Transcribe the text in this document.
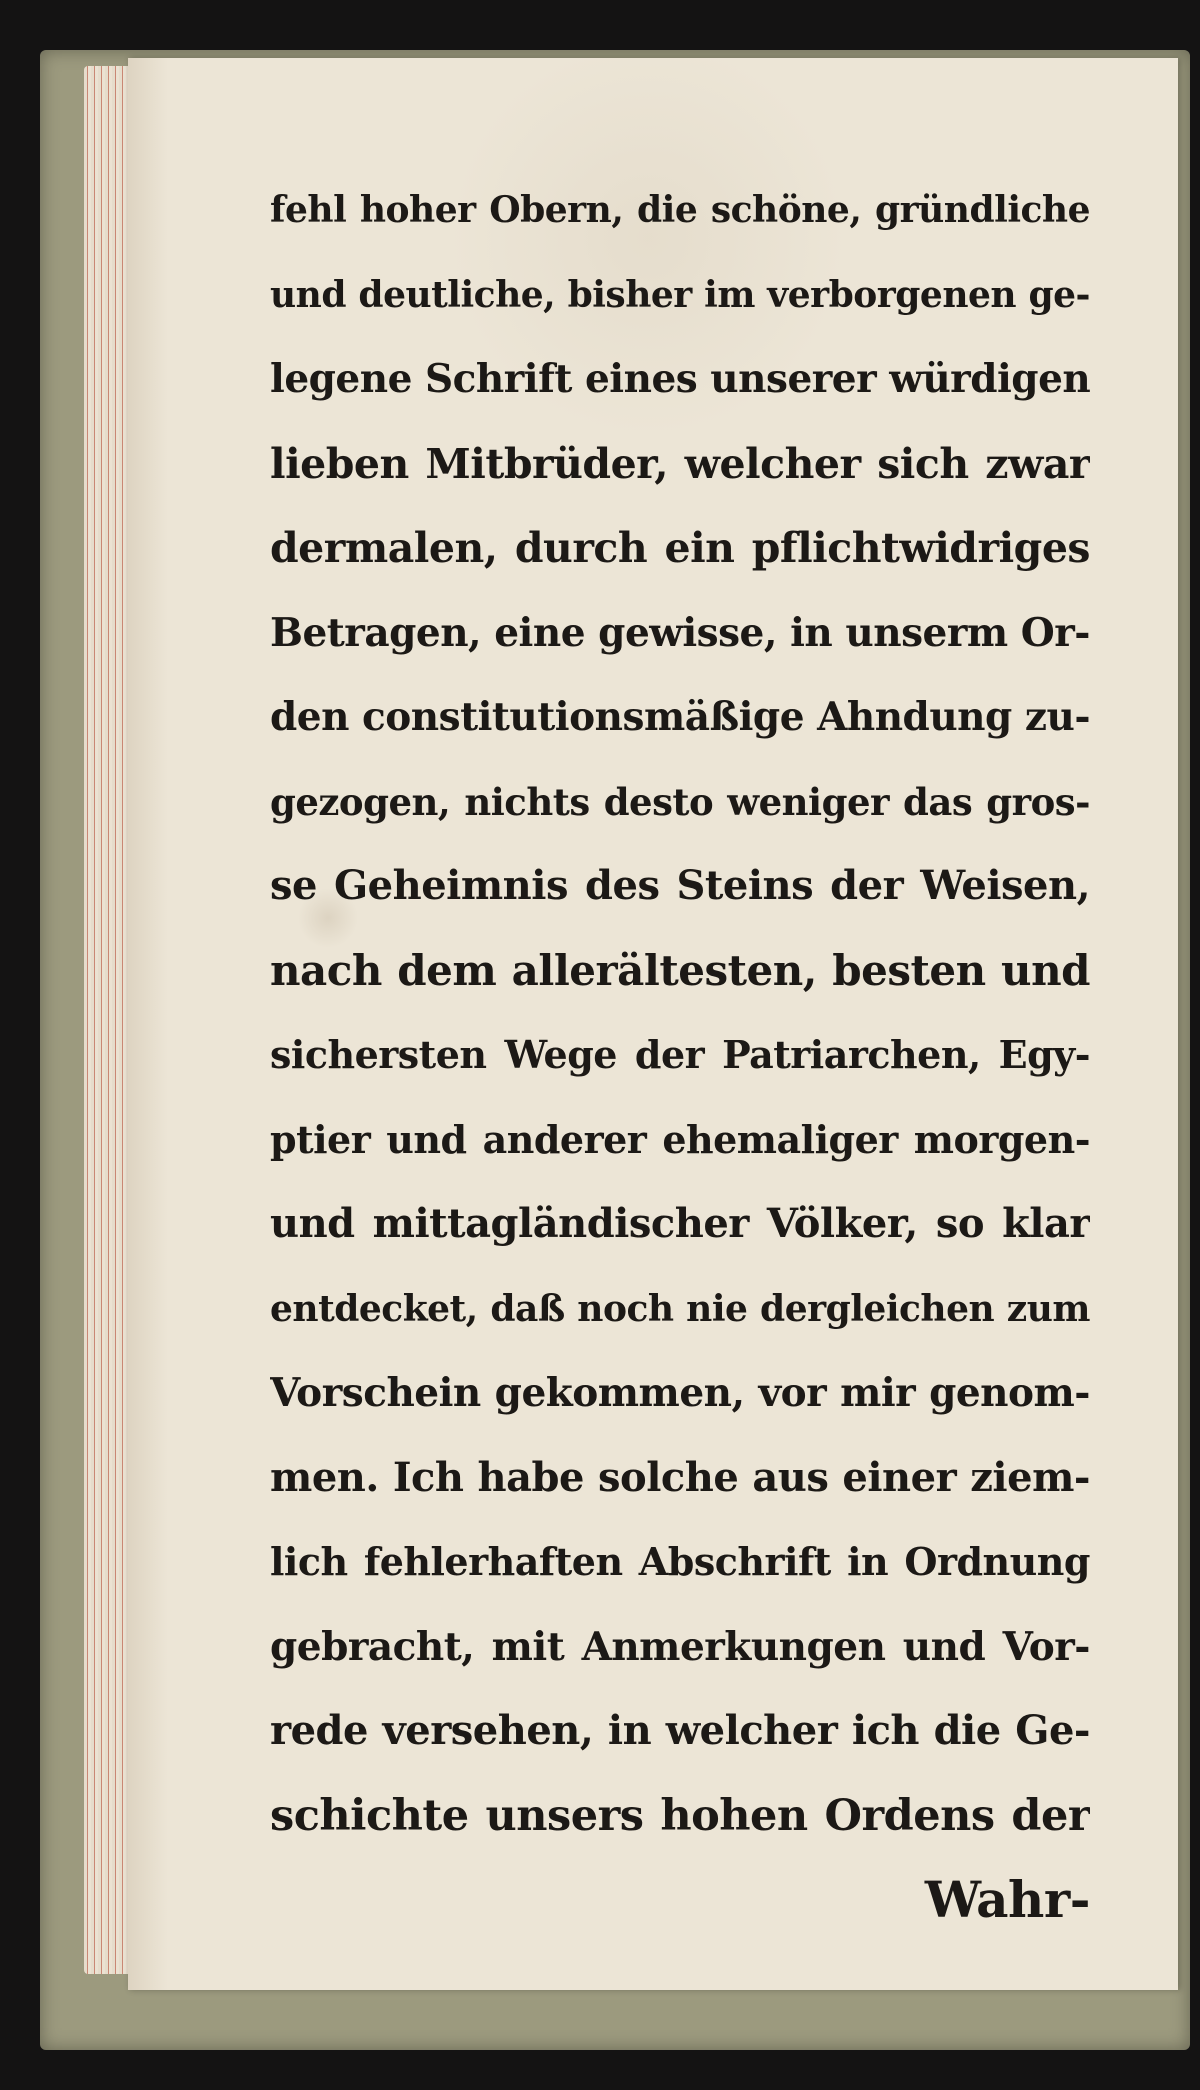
fehl hoher Obern, die schöne, gründliche
und deutliche, bisher im verborgenen ge-
legene Schrift eines unserer würdigen
lieben Mitbrüder, welcher sich zwar
dermalen, durch ein pflichtwidriges
Betragen, eine gewisse, in unserm Or-
den constitutionsmäßige Ahndung zu-
gezogen, nichts desto weniger das gros-
se Geheimnis des Steins der Weisen,
nach dem allerältesten, besten und
sichersten Wege der Patriarchen, Egy-
ptier und anderer ehemaliger morgen-
und mittagländischer Völker, so klar
entdecket, daß noch nie dergleichen zum
Vorschein gekommen, vor mir genom-
men. Ich habe solche aus einer ziem-
lich fehlerhaften Abschrift in Ordnung
gebracht, mit Anmerkungen und Vor-
rede versehen, in welcher ich die Ge-
schichte unsers hohen Ordens der
Wahr-
